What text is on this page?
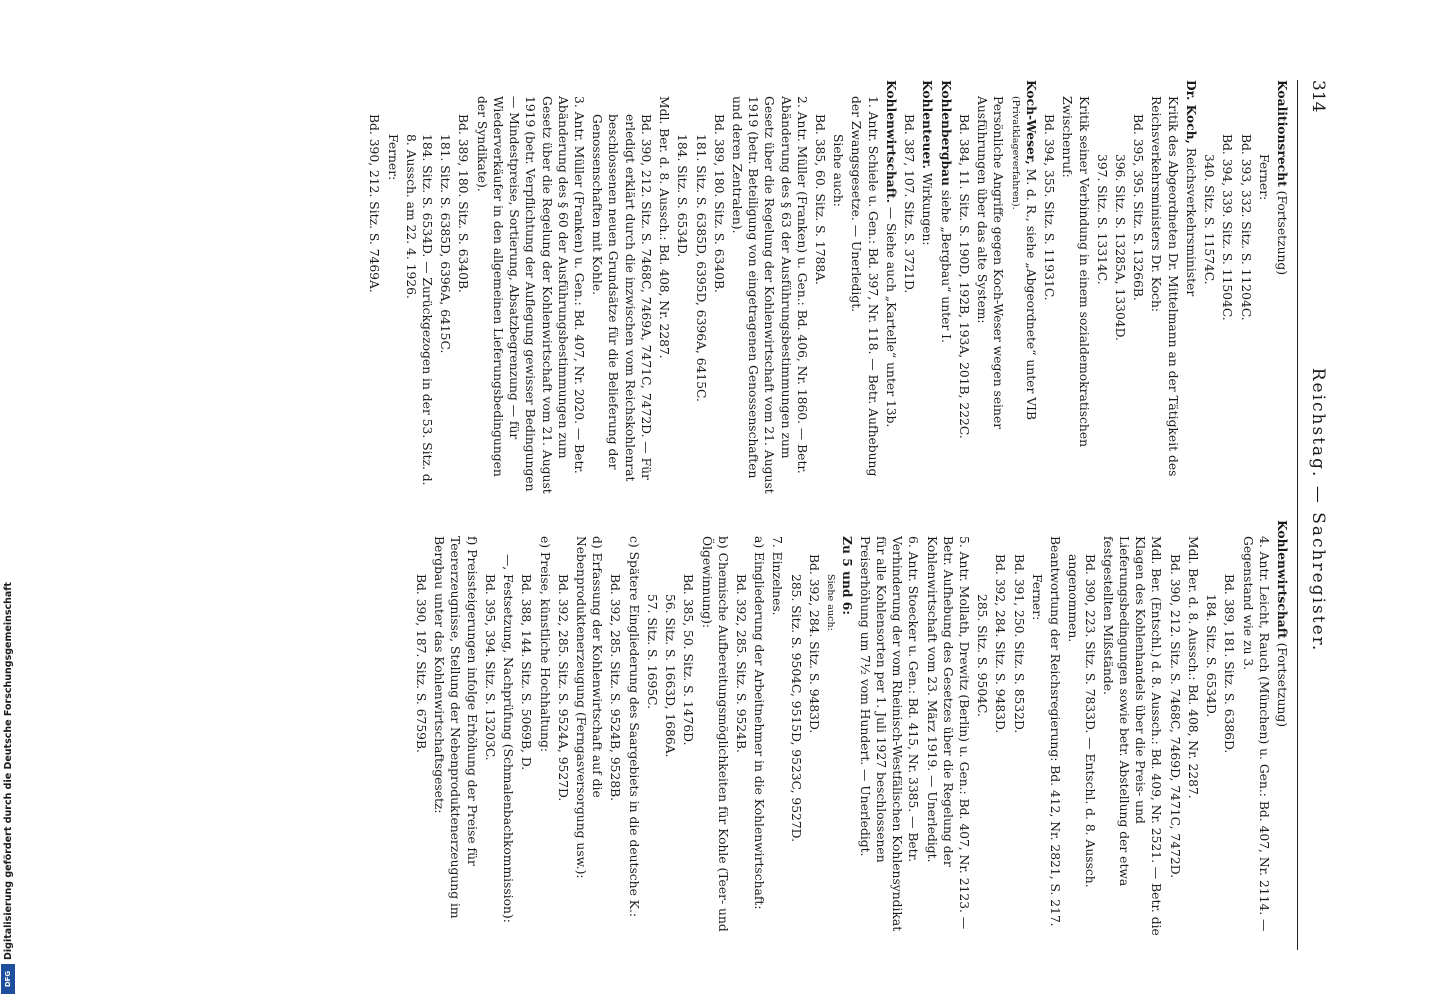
Digitalisierung gefördert durch die Deutsche Forschungsgemeinschaft
DFG
314
Reichstag. — Sachregister.
Koalitionsrecht (Fortsetzung)
Ferner:
Bd. 393, 332. Sitz. S. 11204C.
Bd. 394, 339. Sitz. S. 11504C.
340. Sitz. S. 11574C.
Dr. Koch, Reichsverkehrsminister
Kritik des Abgeordneten Dr. Mittelmann an der Tätigkeit des Reichsverkehrsministers Dr. Koch:
Bd. 395, 395. Sitz. S. 13266B.
396. Sitz. S. 13285A, 13304D.
397. Sitz. S. 13314C.
Kritik seiner Verbindung in einem sozialdemokratischen Zwischenruf:
Bd. 394, 355. Sitz. S. 11931C.
Koch-Weser, M. d. R., siehe „Abgeordnete“ unter VIB
(Privatklageverfahren).
Persönliche Angriffe gegen Koch-Weser wegen seiner Ausführungen über das alte System:
Bd. 384, 11. Sitz. S. 190D, 192B, 193A, 201B, 222C.
Kohlenbergbau siehe „Bergbau“ unter I.
Kohlenteuer. Wirkungen:
Bd. 387, 107. Sitz. S. 3721D.
Kohlenwirtschaft. — Siehe auch „Kartelle“ unter 13b.
1. Antr. Schiele u. Gen.: Bd. 397, Nr. 118. — Betr. Aufhebung der Zwangsgesetze. — Unerledigt.
Siehe auch:
Bd. 385, 60. Sitz. S. 1788A.
2. Antr. Müller (Franken) u. Gen.: Bd. 406, Nr. 1860. — Betr. Abänderung des § 63 der Ausführungsbestimmungen zum Gesetz über die Regelung der Kohlenwirtschaft vom 21. August 1919 (betr. Beteiligung von eingetragenen Genossenschaften und deren Zentralen).
Bd. 389, 180. Sitz. S. 6340B.
181. Sitz. S. 6385D, 6395D, 6396A, 6415C.
184. Sitz. S. 6534D.
Mdl. Ber. d. 8. Aussch.: Bd. 408, Nr. 2287.
Bd. 390, 212. Sitz. S. 7468C, 7469A, 7471C, 7472D. — Für erledigt erklärt durch die inzwischen vom Reichskohlenrat beschlossenen neuen Grundsätze für die Belieferung der Genossenschaften mit Kohle.
3. Antr. Müller (Franken) u. Gen.: Bd. 407, Nr. 2020. — Betr. Abänderung des § 60 der Ausführungsbestimmungen zum Gesetz über die Regelung der Kohlenwirtschaft vom 21. August 1919 (betr. Verpflichtung der Auflegung gewisser Bedingungen — Mindestpreise, Sortierung, Absatzbegrenzung — für Wiederverkäufer in den allgemeinen Lieferungsbedingungen der Syndikate).
Bd. 389, 180. Sitz. S. 6340B.
181. Sitz. S. 6385D, 6396A, 6415C.
184. Sitz. S. 6534D. — Zurückgezogen in der 53. Sitz. d. 8. Aussch. am 22. 4. 1926.
Ferner:
Bd. 390, 212. Sitz. S. 7469A.
Kohlenwirtschaft (Fortsetzung)
4. Antr. Leicht, Rauch (München) u. Gen.: Bd. 407, Nr. 2114. — Gegenstand wie zu 3.
Bd. 389, 181. Sitz. S. 6386D.
184. Sitz. S. 6534D.
Mdl. Ber. d. 8. Aussch.: Bd. 408, Nr. 2287.
Bd. 390, 212. Sitz. S. 7468C, 7469D, 7471C, 7472D.
Mdl. Ber. (Entschl.) d. 8. Aussch.: Bd. 409, Nr. 2521. — Betr. die Klagen des Kohlenhandels über die Preis- und Lieferungsbedingungen sowie betr. Abstellung der etwa festgestellten Mißstände.
Bd. 390, 223. Sitz. S. 7833D. — Entschl. d. 8. Aussch. angenommen.
Beantwortung der Reichsregierung: Bd. 412, Nr. 2821, S. 217.
Ferner:
Bd. 391, 250. Sitz. S. 8532D.
Bd. 392, 284. Sitz. S. 9483D.
285. Sitz. S. 9504C.
5. Antr. Mollath, Drewitz (Berlin) u. Gen.: Bd. 407, Nr. 2123. — Betr. Aufhebung des Gesetzes über die Regelung der Kohlenwirtschaft vom 23. März 1919. — Unerledigt.
6. Antr. Stoecker u. Gen.: Bd. 415, Nr. 3385. — Betr. Verhinderung der vom Rheinisch-Westfälischen Kohlensyndikat für alle Kohlensorten per 1. Juli 1927 beschlossenen Preiserhöhung um 7½ vom Hundert. — Unerledigt.
Zu 5 und 6:
Siehe auch:
Bd. 392, 284. Sitz. S. 9483D.
285. Sitz. S. 9504C, 9515D, 9523C, 9527D.
7. Einzelnes.
a) Eingliederung der Arbeitnehmer in die Kohlenwirtschaft:
Bd. 392, 285. Sitz. S. 9524B.
b) Chemische Aufbereitungsmöglichkeiten für Kohle (Teer- und Ölgewinnung):
Bd. 385, 50. Sitz. S. 1476D.
56. Sitz. S. 1663D, 1686A.
57. Sitz. S. 1695C.
c) Spätere Eingliederung des Saargebiets in die deutsche K.:
Bd. 392, 285. Sitz. S. 9524B, 9528B.
d) Erfassung der Kohlenwirtschaft auf die Nebenproduktenerzeugung (Ferngasversorgung usw.):
Bd. 392, 285. Sitz. S. 9524A, 9527D.
e) Preise, künstliche Hochhaltung:
Bd. 388, 144. Sitz. S. 5069B, D.
—, Festsetzung, Nachprüfung (Schmalenbachkommission):
Bd. 395, 394. Sitz. S. 13203C.
f) Preissteigerungen infolge Erhöhung der Preise für Teererzeugnisse, Stellung der Nebenproduktenerzeugung im Bergbau unter das Kohlenwirtschaftsgesetz:
Bd. 390, 187. Sitz. S. 6759B.
